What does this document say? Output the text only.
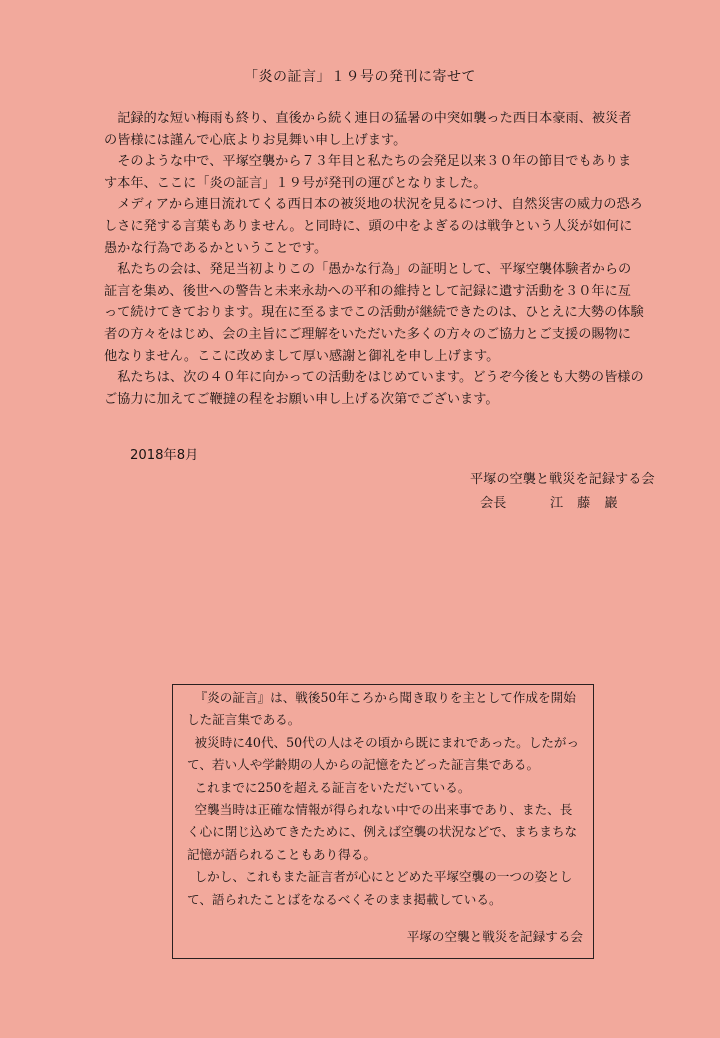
「炎の証言」１９号の発刊に寄せて

記録的な短い梅雨も終り、直後から続く連日の猛暑の中突如襲った西日本豪雨、被災者の皆様には謹んで心底よりお見舞い申し上げます。

そのような中で、平塚空襲から７３年目と私たちの会発足以来３０年の節目でもあります本年、ここに「炎の証言」１９号が発刊の運びとなりました。

メディアから連日流れてくる西日本の被災地の状況を見るにつけ、自然災害の威力の恐ろしさに発する言葉もありません。と同時に、頭の中をよぎるのは戦争という人災が如何に愚かな行為であるかということです。

私たちの会は、発足当初よりこの「愚かな行為」の証明として、平塚空襲体験者からの証言を集め、後世への警告と未来永劫への平和の維持として記録に遺す活動を３０年に亙って続けてきております。現在に至るまでこの活動が継続できたのは、ひとえに大勢の体験者の方々をはじめ、会の主旨にご理解をいただいた多くの方々のご協力とご支援の賜物に他なりません。ここに改めまして厚い感謝と御礼を申し上げます。

私たちは、次の４０年に向かっての活動をはじめています。どうぞ今後とも大勢の皆様のご協力に加えてご鞭撻の程をお願い申し上げる次第でございます。

2018年8月
平塚の空襲と戦災を記録する会
会長	江藤巖

『炎の証言』は、戦後50年ころから聞き取りを主として作成を開始した証言集である。

被災時に40代、50代の人はその頃から既にまれであった。したがって、若い人や学齢期の人からの記憶をたどった証言集である。

これまでに250を超える証言をいただいている。

空襲当時は正確な情報が得られない中での出来事であり、また、長く心に閉じ込めてきたために、例えば空襲の状況などで、まちまちな記憶が語られることもあり得る。

しかし、これもまた証言者が心にとどめた平塚空襲の一つの姿として、語られたことばをなるべくそのまま掲載している。

平塚の空襲と戦災を記録する会
